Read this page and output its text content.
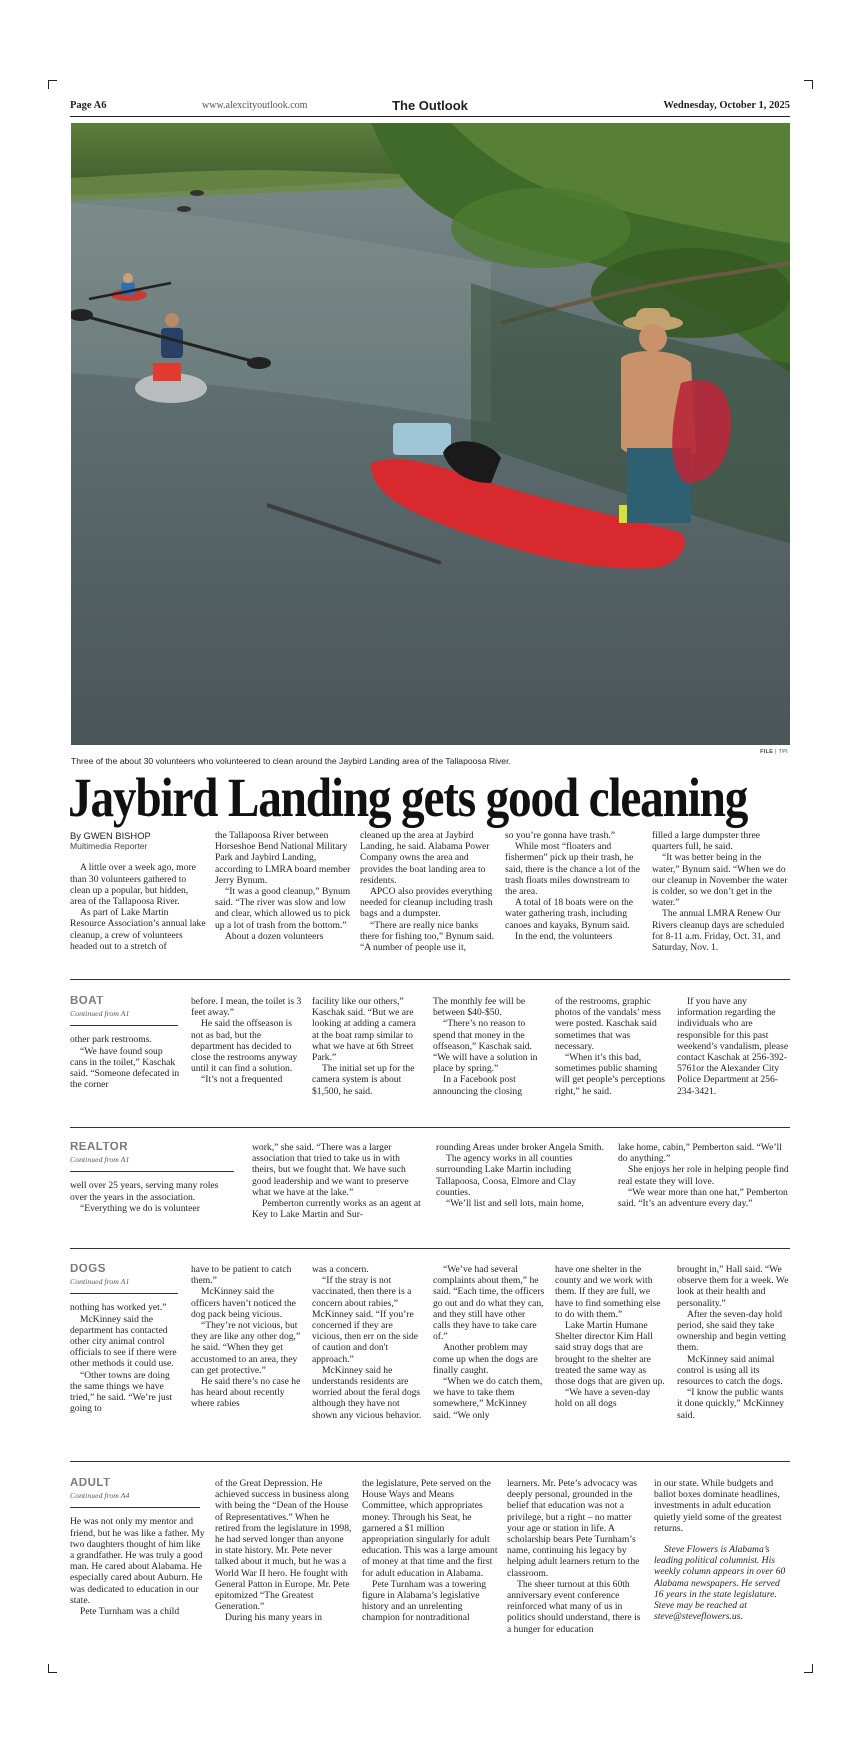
Page A6	www.alexcityoutlook.com	The Outlook	Wednesday, October 1, 2025
FILE | TPI
Three of the about 30 volunteers who volunteered to clean around the Jaybird Landing area of the Tallapoosa River.
Jaybird Landing gets good cleaning

By GWEN BISHOP

Multimedia Reporter

A little over a week ago, more than 30 volunteers gathered to clean up a popular, but hidden, area of the Tallapoosa River.

As part of Lake Martin Resource Association’s annual lake cleanup, a crew of volunteers headed out to a stretch of

the Tallapoosa River between Horseshoe Bend National Military Park and Jaybird Landing, according to LMRA board member Jerry Bynum.

“It was a good cleanup,” Bynum said. “The river was slow and low and clear, which allowed us to pick up a lot of trash from the bottom.”

About a dozen volunteers

cleaned up the area at Jaybird Landing, he said. Alabama Power Company owns the area and provides the boat landing area to residents.

APCO also provides everything needed for cleanup including trash bags and a dumpster.

“There are really nice banks there for fishing too,” Bynum said. “A number of people use it,

so you’re gonna have trash.”

While most “floaters and fishermen” pick up their trash, he said, there is the chance a lot of the trash floats miles downstream to the area.

A total of 18 boats were on the water gathering trash, including canoes and kayaks, Bynum said.

In the end, the volunteers

filled a large dumpster three quarters full, he said.

“It was better being in the water,” Bynum said. “When we do our cleanup in November the water is colder, so we don’t get in the water.”

The annual LMRA Renew Our Rivers cleanup days are scheduled for 8-11 a.m. Friday, Oct. 31, and Saturday, Nov. 1.

BOAT

Continued from A1

other park restrooms.

“We have found soup cans in the toilet,” Kaschak said. “Someone defecated in the corner

before. I mean, the toilet is 3 feet away.”

He said the offseason is not as bad, but the department has decided to close the restrooms anyway until it can find a solution.

“It’s not a frequented

facility like our others,” Kaschak said. “But we are looking at adding a camera at the boat ramp similar to what we have at 6th Street Park.”

The initial set up for the camera system is about $1,500, he said.

The monthly fee will be between $40-$50.

“There’s no reason to spend that money in the offseason,” Kaschak said. “We will have a solution in place by spring.”

In a Facebook post announcing the closing

of the restrooms, graphic photos of the vandals’ mess were posted. Kaschak said sometimes that was necessary.

“When it’s this bad, sometimes public shaming will get people’s perceptions right,” he said.

If you have any information regarding the individuals who are responsible for this past weekend’s vandalism, please contact Kaschak at 256-392-5761or the Alexander City Police Department at 256-234-3421.

REALTOR

Continued from A1

well over 25 years, serving many roles over the years in the association.

“Everything we do is volunteer

work,” she said. “There was a larger association that tried to take us in with theirs, but we fought that. We have such good leadership and we want to preserve what we have at the lake.”

Pemberton currently works as an agent at Key to Lake Martin and Sur-

rounding Areas under broker Angela Smith.

The agency works in all counties surrounding Lake Martin including Tallapoosa, Coosa, Elmore and Clay counties.

“We’ll list and sell lots, main home,

lake home, cabin,” Pemberton said. “We’ll do anything.”

She enjoys her role in helping people find real estate they will love.

“We wear more than one hat,” Pemberton said. “It’s an adventure every day.”

DOGS

Continued from A1

nothing has worked yet.”

McKinney said the department has contacted other city animal control officials to see if there were other methods it could use.

“Other towns are doing the same things we have tried,” he said. “We’re just going to

have to be patient to catch them.”

McKinney said the officers haven’t noticed the dog pack being vicious.

“They’re not vicious, but they are like any other dog,” he said. “When they get accustomed to an area, they can get protective.”

He said there’s no case he has heard about recently where rabies

was a concern.

“If the stray is not vaccinated, then there is a concern about rabies,” McKinney said. “If you’re concerned if they are vicious, then err on the side of caution and don't approach.”

McKinney said he understands residents are worried about the feral dogs although they have not shown any vicious behavior.

“We’ve had several complaints about them,” he said. “Each time, the officers go out and do what they can, and they still have other calls they have to take care of.”

Another problem may come up when the dogs are finally caught.

“When we do catch them, we have to take them somewhere,” McKinney said. “We only

have one shelter in the county and we work with them. If they are full, we have to find something else to do with them.”

Lake Martin Humane Shelter director Kim Hall said stray dogs that are brought to the shelter are treated the same way as those dogs that are given up.

“We have a seven-day hold on all dogs

brought in,” Hall said. “We observe them for a week. We look at their health and personality.”

After the seven-day hold period, she said they take ownership and begin vetting them.

McKinney said animal control is using all its resources to catch the dogs.

“I know the public wants it done quickly,” McKinney said.

ADULT

Continued from A4

He was not only my mentor and friend, but he was like a father. My two daughters thought of him like a grandfather. He was truly a good man. He cared about Alabama. He especially cared about Auburn. He was dedicated to education in our state.

Pete Turnham was a child

of the Great Depression. He achieved success in business along with being the “Dean of the House of Representatives.” When he retired from the legislature in 1998, he had served longer than anyone in state history. Mr. Pete never talked about it much, but he was a World War II hero. He fought with General Patton in Europe. Mr. Pete epitomized “The Greatest Generation.”

During his many years in

the legislature, Pete served on the House Ways and Means Committee, which appropriates money. Through his Seat, he garnered a $1 million appropriation singularly for adult education. This was a large amount of money at that time and the first for adult education in Alabama.

Pete Turnham was a towering figure in Alabama’s legislative history and an unrelenting champion for nontraditional

learners. Mr. Pete’s advocacy was deeply personal, grounded in the belief that education was not a privilege, but a right – no matter your age or station in life. A scholarship bears Pete Turnham’s name, continuing his legacy by helping adult learners return to the classroom.

The sheer turnout at this 60th anniversary event conference reinforced what many of us in politics should understand, there is a hunger for education

in our state. While budgets and ballot boxes dominate headlines, investments in adult education quietly yield some of the greatest returns.

Steve Flowers is Alabama’s leading political columnist. His weekly column appears in over 60 Alabama newspapers. He served 16 years in the state legislature. Steve may be reached at steve@steveflowers.us.
